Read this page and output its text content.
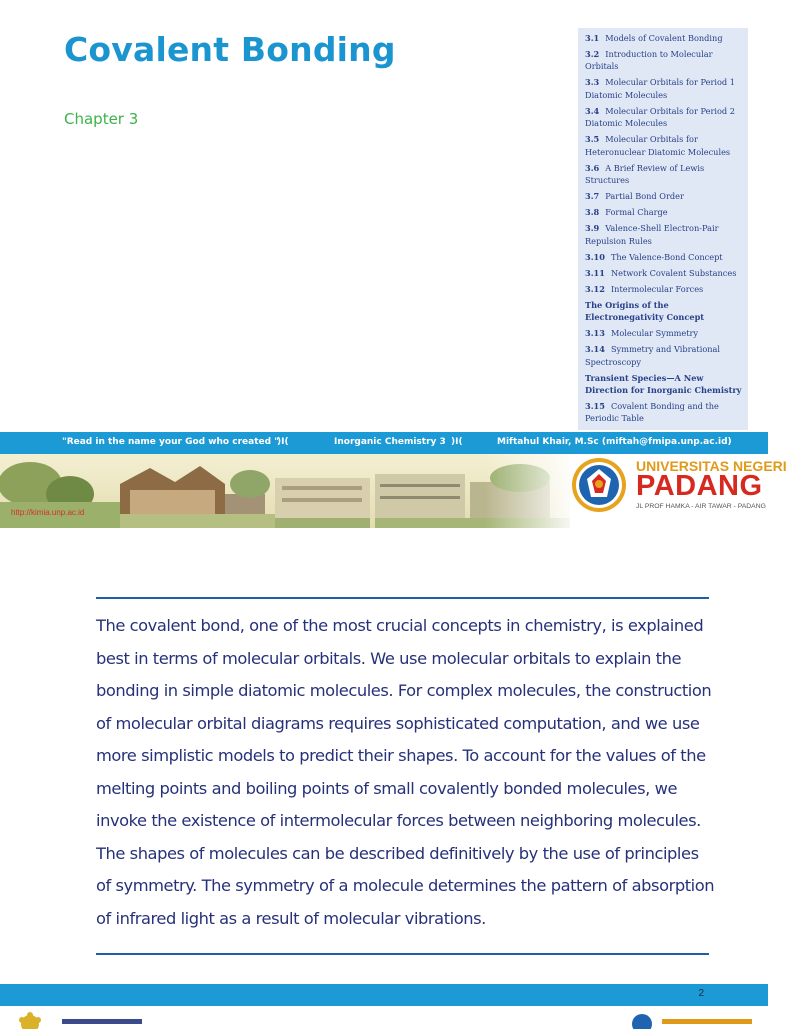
Covalent Bonding
Chapter 3
3.1 Models of Covalent Bonding
3.2 Introduction to Molecular Orbitals
3.3 Molecular Orbitals for Period 1 Diatomic Molecules
3.4 Molecular Orbitals for Period 2 Diatomic Molecules
3.5 Molecular Orbitals for Heteronuclear Diatomic Molecules
3.6 A Brief Review of Lewis Structures
3.7 Partial Bond Order
3.8 Formal Charge
3.9 Valence-Shell Electron-Pair Repulsion Rules
3.10 The Valence-Bond Concept
3.11 Network Covalent Substances
3.12 Intermolecular Forces
The Origins of the Electronegativity Concept
3.13 Molecular Symmetry
3.14 Symmetry and Vibrational Spectroscopy
Transient Species—A New Direction for Inorganic Chemistry
3.15 Covalent Bonding and the Periodic Table
"Read in the name your God who created "
)I(	Inorganic Chemistry 3 )I(	Miftahul Khair, M.Sc (miftah@fmipa.unp.ac.id)
http://kimia.unp.ac.id
UNIVERSITAS NEGERI
PADANG
JL PROF HAMKA - AIR TAWAR - PADANG
The covalent bond, one of the most crucial concepts in chemistry, is explained
best in terms of molecular orbitals. We use molecular orbitals to explain the
bonding in simple diatomic molecules. For complex molecules, the construction
of molecular orbital diagrams requires sophisticated computation, and we use
more simplistic models to predict their shapes. To account for the values of the
melting points and boiling points of small covalently bonded molecules, we
invoke the existence of intermolecular forces between neighboring molecules.
The shapes of molecules can be described definitively by the use of principles
of symmetry. The symmetry of a molecule determines the pattern of absorption
of infrared light as a result of molecular vibrations.
2
